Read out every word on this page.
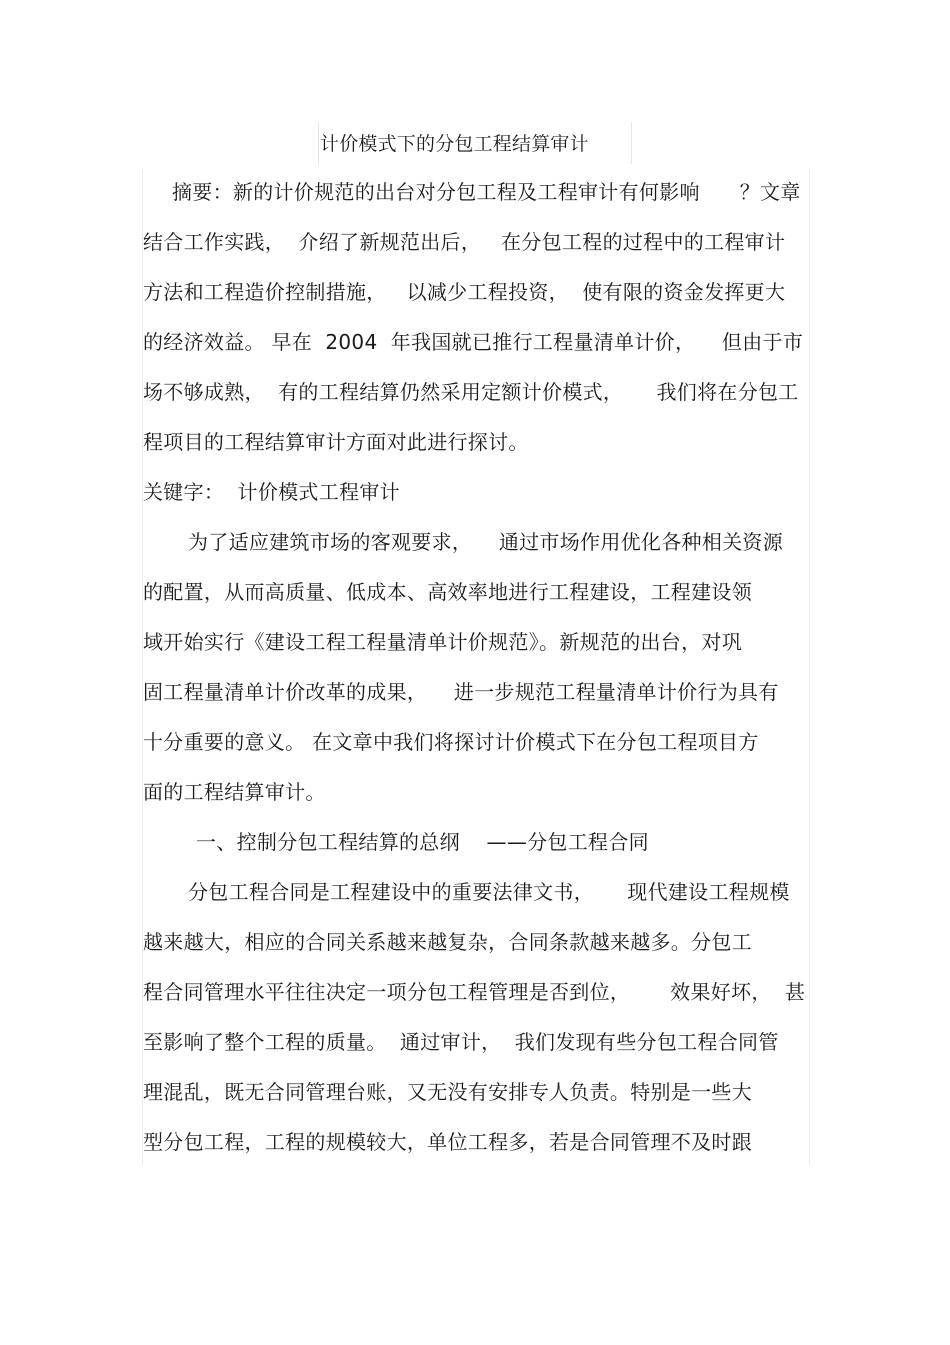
计价模式下的分包工程结算审计
摘要：新的计价规范的出台对分包工程及工程审计有何影响      ？文章
结合工作实践，  介绍了新规范出后，   在分包工程的过程中的工程审计
方法和工程造价控制措施，   以减少工程投资，  使有限的资金发挥更大
的经济效益。 早在  2004  年我国就已推行工程量清单计价，    但由于市
场不够成熟，  有的工程结算仍然采用定额计价模式，     我们将在分包工
程项目的工程结算审计方面对此进行探讨。
关键字：  计价模式工程审计
为了适应建筑市场的客观要求，    通过市场作用优化各种相关资源
的配置，从而高质量、低成本、高效率地进行工程建设，工程建设领
域开始实行《建设工程工程量清单计价规范》。新规范的出台，对巩
固工程量清单计价改革的成果，    进一步规范工程量清单计价行为具有
十分重要的意义。 在文章中我们将探讨计价模式下在分包工程项目方
面的工程结算审计。
一、控制分包工程结算的总纲    ——分包工程合同
分包工程合同是工程建设中的重要法律文书，     现代建设工程规模
越来越大，相应的合同关系越来越复杂，合同条款越来越多。分包工
程合同管理水平往往决定一项分包工程管理是否到位，      效果好坏，  甚
至影响了整个工程的质量。  通过审计，  我们发现有些分包工程合同管
理混乱，既无合同管理台账，又无没有安排专人负责。特别是一些大
型分包工程，工程的规模较大，单位工程多，若是合同管理不及时跟
